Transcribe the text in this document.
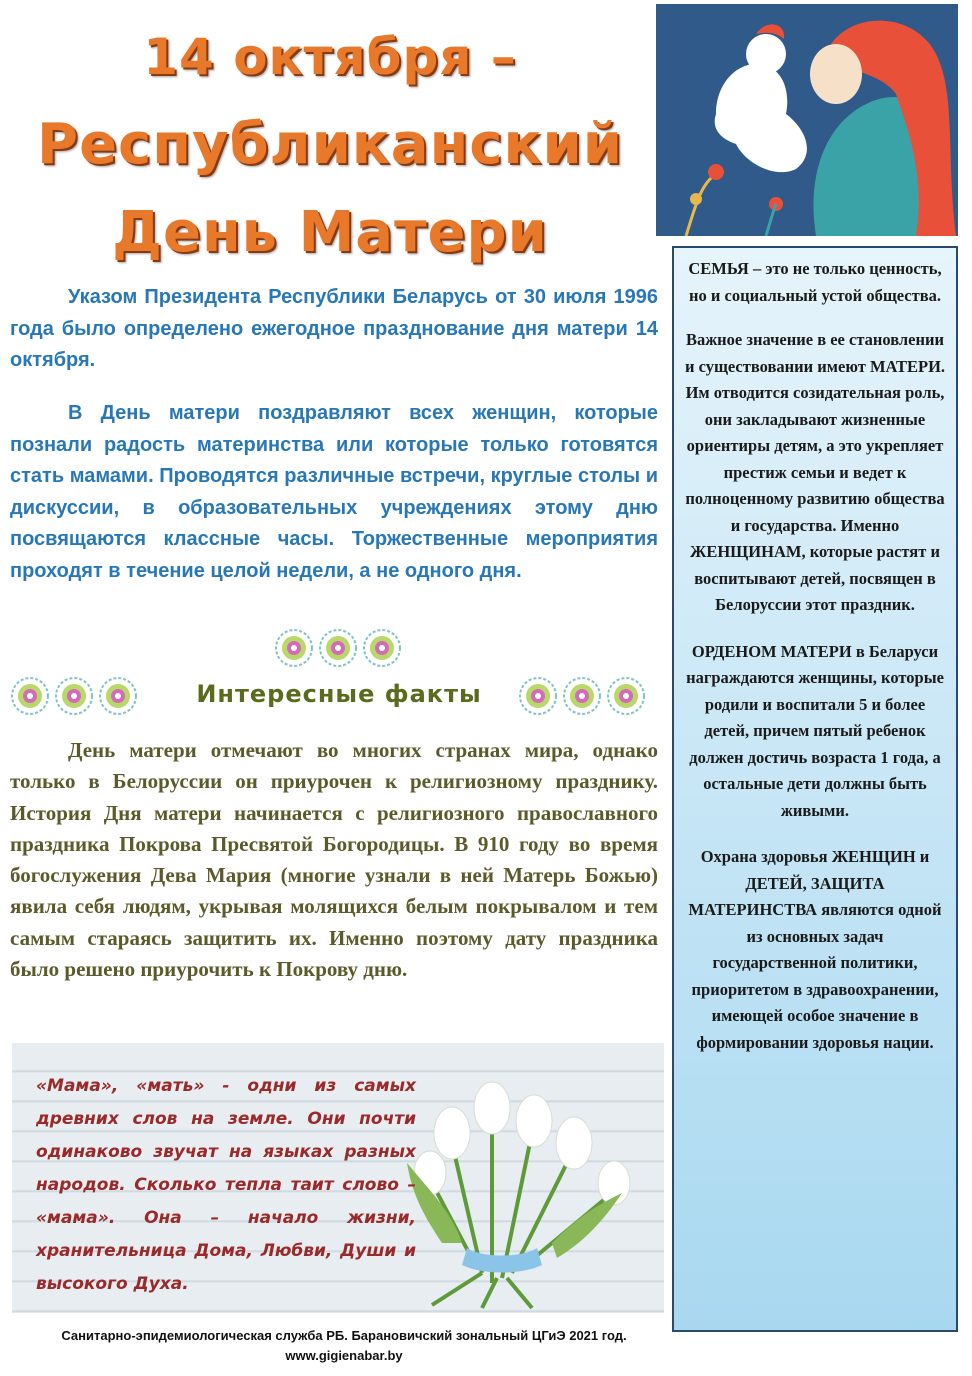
14 октября –
Республиканский
День Матери

Указом Президента Республики Беларусь от 30 июля 1996 года было определено ежегодное празднование дня матери 14 октября.

В День матери поздравляют всех женщин, которые познали радость материнства или которые только готовятся стать мамами. Проводятся различные встречи, круглые столы и дискуссии, в образовательных учреждениях этому дню посвящаются классные часы. Торжественные мероприятия проходят в течение целой недели, а не одного дня.

Интересные факты

День матери отмечают во многих странах мира, однако только в Белоруссии он приурочен к религиозному празднику. История Дня матери начинается с религиозного православного праздника Покрова Пресвятой Богородицы. В 910 году во время богослужения Дева Мария (многие узнали в ней Матерь Божью) явила себя людям, укрывая молящихся белым покрывалом и тем самым стараясь защитить их. Именно поэтому дату праздника было решено приурочить к Покрову дню.

«Мама», «мать» - одни из самых древних слов на земле. Они почти одинаково звучат на языках разных народов. Сколько тепла таит слово – «мама». Она – начало жизни, хранительница Дома, Любви, Души и высокого Духа.

СЕМЬЯ – это не только ценность, но и социальный устой общества.

Важное значение в ее становлении и существовании имеют МАТЕРИ. Им отводится созидательная роль, они закладывают жизненные ориентиры детям, а это укрепляет престиж семьи и ведет к полноценному развитию общества и государства. Именно ЖЕНЩИНАМ, которые растят и воспитывают детей, посвящен в Белоруссии этот праздник.

ОРДЕНОМ МАТЕРИ в Беларуси награждаются женщины, которые родили и воспитали 5 и более детей, причем пятый ребенок должен достичь возраста 1 года, а остальные дети должны быть живыми.

Охрана здоровья ЖЕНЩИН и ДЕТЕЙ, ЗАЩИТА МАТЕРИНСТВА являются одной из основных задач государственной политики, приоритетом в здравоохранении, имеющей особое значение в формировании здоровья нации.

Санитарно-эпидемиологическая служба РБ. Барановичский зональный ЦГиЭ 2021 год. www.gigienabar.by
